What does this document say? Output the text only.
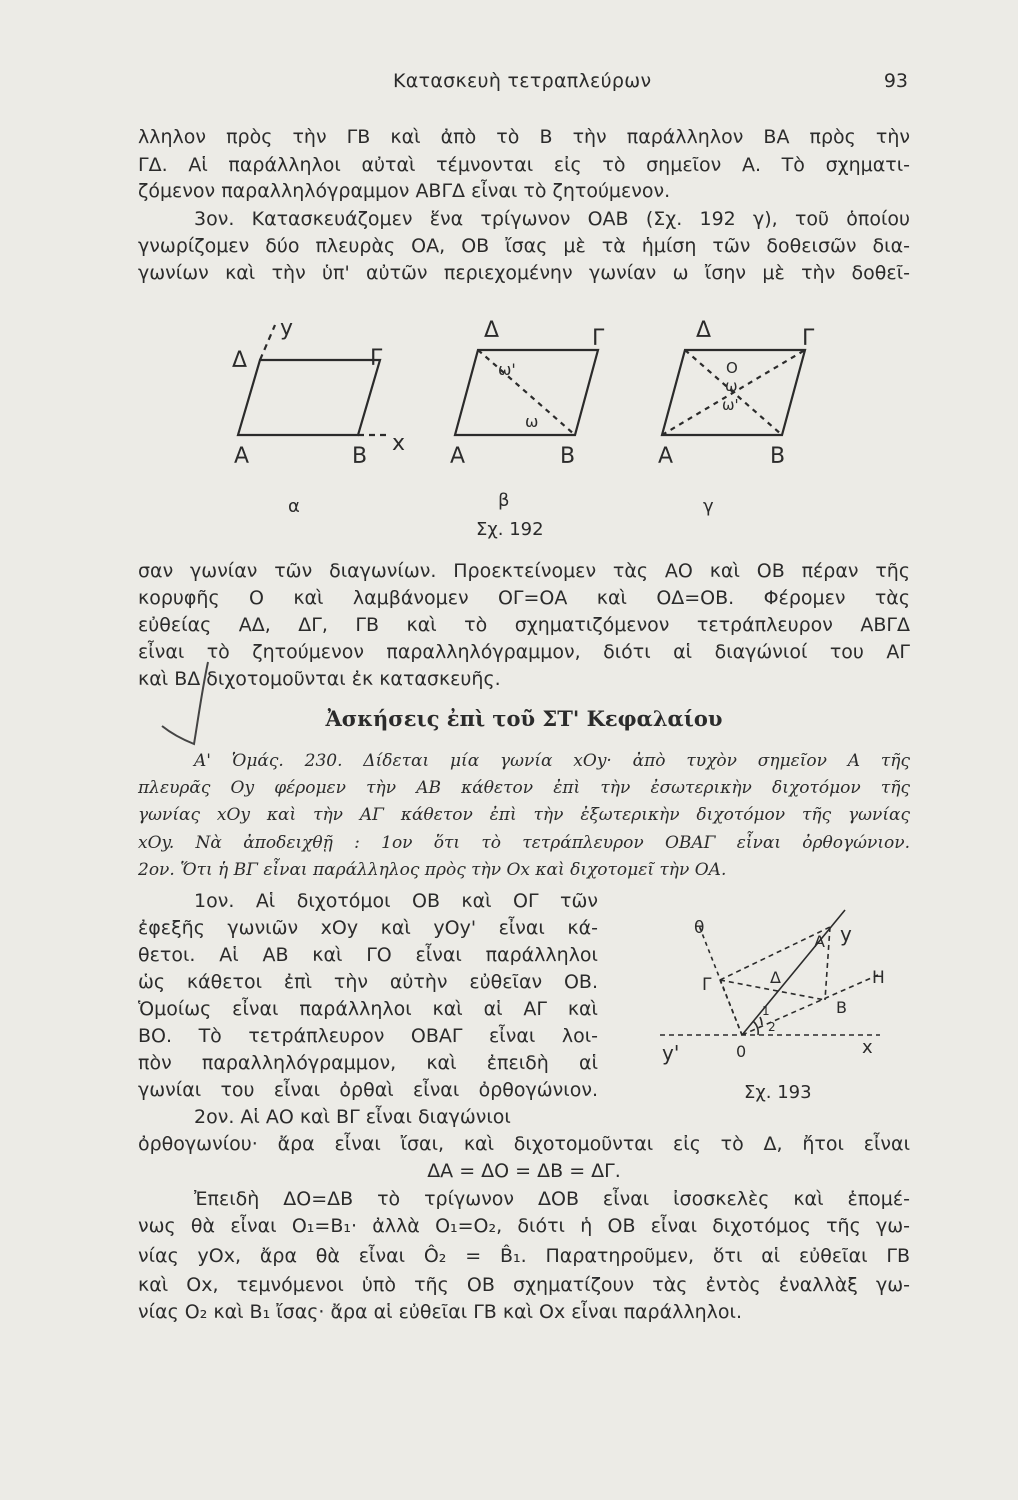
Κατασκευὴ τετραπλεύρων	93
λληλον πρὸς τὴν ΓΒ καὶ ἀπὸ τὸ Β τὴν παράλληλον ΒΑ πρὸς τὴν
ΓΔ. Αἱ παράλληλοι αὐταὶ τέμνονται εἰς τὸ σημεῖον Α. Τὸ σχηματι-
ζόμενον παραλληλόγραμμον ΑΒΓΔ εἶναι τὸ ζητούμενον.
3ον. Κατασκευάζομεν ἕνα τρίγωνον ΟΑΒ (Σχ. 192 γ), τοῦ ὁποίου
γνωρίζομεν δύο πλευρὰς ΟΑ, ΟΒ ἴσας μὲ τὰ ἡμίση τῶν δοθεισῶν δια-
γωνίων καὶ τὴν ὑπ' αὐτῶν περιεχομένην γωνίαν ω ἴσην μὲ τὴν δοθεῖ-
Δ	Γ
Α	Β
y
x
Δ	Γ
Α	Β
ω'
ω
Δ	Γ
Α	Β
Ο
ω
ω'
α	β	γ
Σχ. 192
σαν γωνίαν τῶν διαγωνίων. Προεκτείνομεν τὰς ΑΟ καὶ ΟΒ πέραν τῆς
κορυφῆς Ο καὶ λαμβάνομεν ΟΓ=ΟΑ καὶ ΟΔ=ΟΒ. Φέρομεν τὰς
εὐθείας ΑΔ, ΔΓ, ΓΒ καὶ τὸ σχηματιζόμενον τετράπλευρον ΑΒΓΔ
εἶναι τὸ ζητούμενον παραλληλόγραμμον, διότι αἱ διαγώνιοί του ΑΓ
καὶ ΒΔ διχοτομοῦνται ἐκ κατασκευῆς.
Ἀσκήσεις ἐπὶ τοῦ ΣΤ' Κεφαλαίου
Α' Ὁμάς. 230. Δίδεται μία γωνία xOy· ἀπὸ τυχὸν σημεῖον Α τῆς
πλευρᾶς Oy φέρομεν τὴν ΑΒ κάθετον ἐπὶ τὴν ἐσωτερικὴν διχοτόμον τῆς
γωνίας xOy καὶ τὴν ΑΓ κάθετον ἐπὶ τὴν ἐξωτερικὴν διχοτόμον τῆς γωνίας
xOy. Νὰ ἀποδειχθῇ : 1ον ὅτι τὸ τετράπλευρον ΟΒΑΓ εἶναι ὀρθογώνιον.
2ον. Ὅτι ἡ ΒΓ εἶναι παράλληλος πρὸς τὴν Ox καὶ διχοτομεῖ τὴν ΟΑ.
1ον. Αἱ διχοτόμοι ΟΒ καὶ ΟΓ τῶν
ἐφεξῆς γωνιῶν xOy καὶ yOy' εἶναι κά-
θετοι. Αἱ ΑΒ καὶ ΓΟ εἶναι παράλληλοι
ὡς κάθετοι ἐπὶ τὴν αὐτὴν εὐθεῖαν ΟΒ.
Ὁμοίως εἶναι παράλληλοι καὶ αἱ ΑΓ καὶ
ΒΟ. Τὸ τετράπλευρον ΟΒΑΓ εἶναι λοι-
πὸν παραλληλόγραμμον, καὶ ἐπειδὴ αἱ
γωνίαι του εἶναι ὀρθαὶ εἶναι ὀρθογώνιον.
2ον. Αἱ ΑΟ καὶ ΒΓ εἶναι διαγώνιοι
θ
Α y
Γ	Δ	Η
Β
1
2
y'	0	x
Σχ. 193
ὀρθογωνίου· ἄρα εἶναι ἴσαι, καὶ διχοτομοῦνται εἰς τὸ Δ, ἤτοι εἶναι
ΔΑ = ΔΟ = ΔΒ = ΔΓ.
Ἐπειδὴ ΔΟ=ΔΒ τὸ τρίγωνον ΔΟΒ εἶναι ἰσοσκελὲς καὶ ἑπομέ-
νως θὰ εἶναι Ο₁=Β₁· ἀλλὰ Ο₁=Ο₂, διότι ἡ ΟΒ εἶναι διχοτόμος τῆς γω-
νίας yOx, ἄρα θὰ εἶναι Ô₂ = B̂₁. Παρατηροῦμεν, ὅτι αἱ εὐθεῖαι ΓΒ
καὶ Ox, τεμνόμενοι ὑπὸ τῆς ΟΒ σχηματίζουν τὰς ἐντὸς ἐναλλὰξ γω-
νίας Ο₂ καὶ Β₁ ἴσας· ἄρα αἱ εὐθεῖαι ΓΒ καὶ Ox εἶναι παράλληλοι.
